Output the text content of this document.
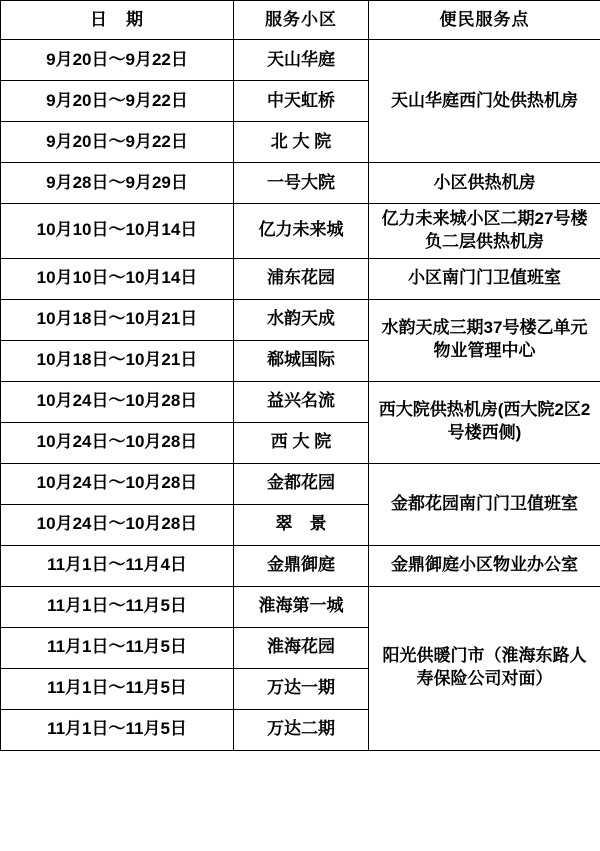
日　期	服务小区	便民服务点
9月20日～9月22日	天山华庭	天山华庭西门处供热机房
9月20日～9月22日	中天虹桥	
9月20日～9月22日	北 大 院	
9月28日～9月29日	一号大院	小区供热机房
10月10日～10月14日	亿力未来城	亿力未来城小区二期27号楼负二层供热机房
10月10日～10月14日	浦东花园	小区南门门卫值班室
10月18日～10月21日	水韵天成	水韵天成三期37号楼乙单元物业管理中心
10月18日～10月21日	郗城国际	
10月24日～10月28日	益兴名流	西大院供热机房(西大院2区2号楼西侧)
10月24日～10月28日	西 大 院	
10月24日～10月28日	金都花园	金都花园南门门卫值班室
10月24日～10月28日	翠　景	
11月1日～11月4日	金鼎御庭	金鼎御庭小区物业办公室
11月1日～11月5日	淮海第一城	阳光供暖门市（淮海东路人寿保险公司对面）
11月1日～11月5日	淮海花园	
11月1日～11月5日	万达一期	
11月1日～11月5日	万达二期	
